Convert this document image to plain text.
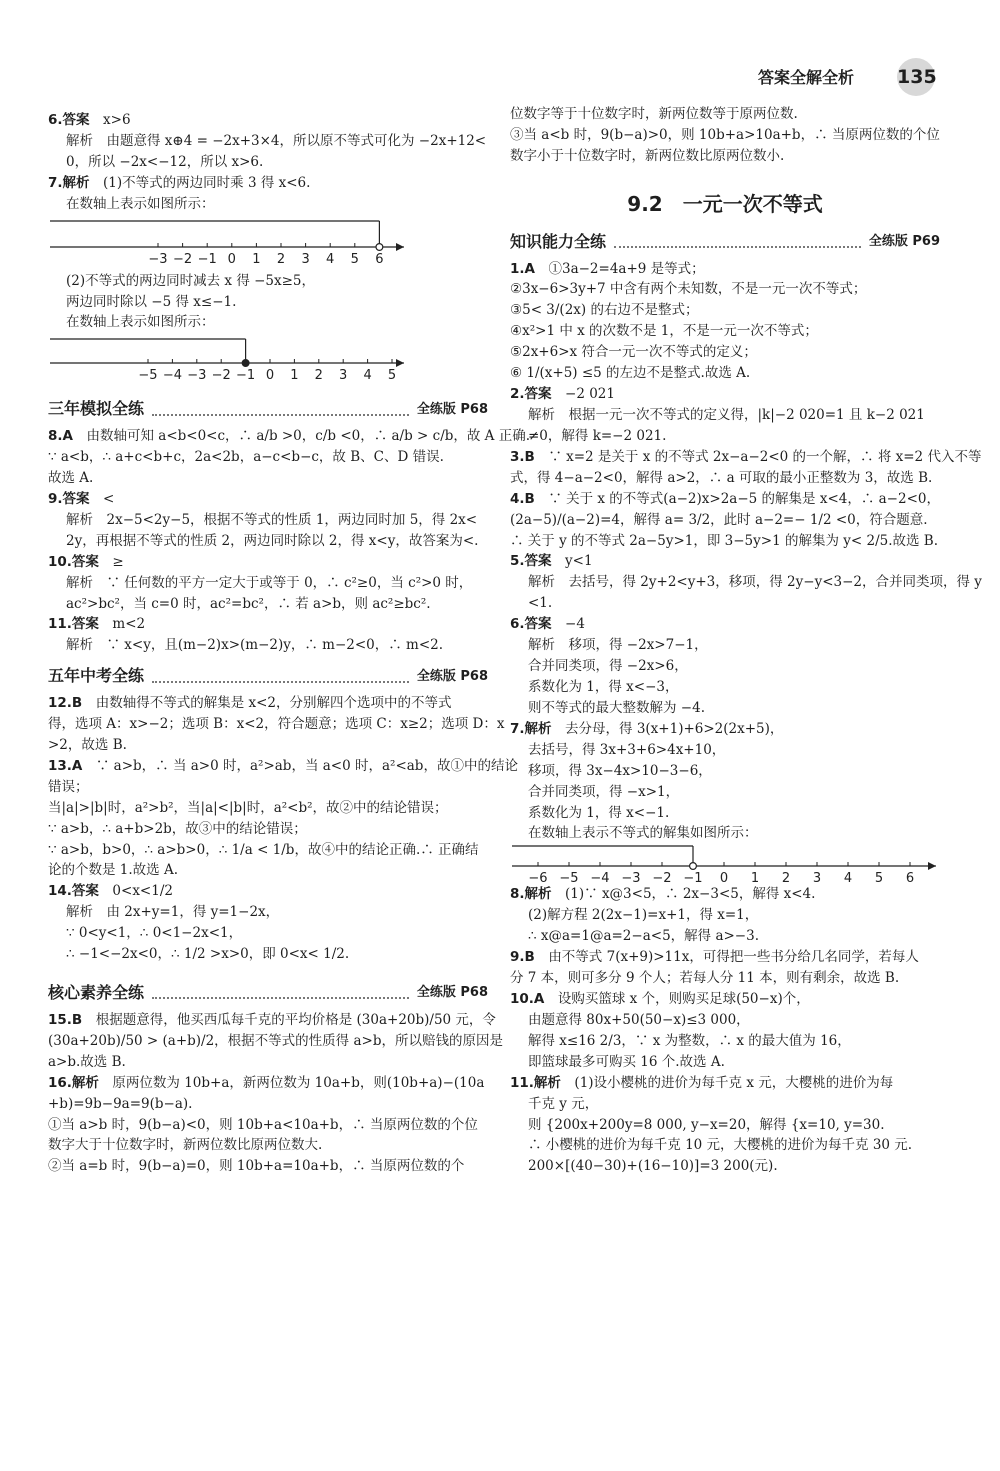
答案全解全析 135

6.答案　 x>6

解析　由题意得 x⊕4 = −2x+3×4，所以原不等式可化为 −2x+12<

0，所以 −2x<−12，所以 x>6.

7.解析　 (1)不等式的两边同时乘 3 得 x<6.

在数轴上表示如图所示：

−3 −2 −1 0 1 2 3 4 5 6

(2)不等式的两边同时减去 x 得 −5x≥5，

两边同时除以 −5 得 x≤−1.

在数轴上表示如图所示：

−5 −4 −3 −2 −1 0 1 2 3 4 5
三年模拟全练	全练版 P68

8.A　 由数轴可知 a<b<0<c，∴ a/b >0，c/b <0，∴ a/b > c/b，故 A 正确.

∵ a<b，∴ a+c<b+c，2a<2b，a−c<b−c，故 B、C、D 错误.

故选 A.

9.答案　 <

解析　2x−5<2y−5，根据不等式的性质 1，两边同时加 5，得 2x<

2y，再根据不等式的性质 2，两边同时除以 2，得 x<y，故答案为<.

10.答案　 ≥

解析　∵ 任何数的平方一定大于或等于 0，∴ c²≥0，当 c²>0 时，

ac²>bc²，当 c=0 时，ac²=bc²，∴ 若 a>b，则 ac²≥bc².

11.答案　 m<2

解析　∵ x<y，且(m−2)x>(m−2)y，∴ m−2<0，∴ m<2.

五年中考全练	全练版 P68

12.B　 由数轴得不等式的解集是 x<2，分别解四个选项中的不等式

得，选项 A：x>−2；选项 B：x<2，符合题意；选项 C：x≥2；选项 D：x

>2，故选 B.

13.A　 ∵ a>b，∴ 当 a>0 时，a²>ab，当 a<0 时，a²<ab，故①中的结论

错误；

当|a|>|b|时，a²>b²，当|a|<|b|时，a²<b²，故②中的结论错误；

∵ a>b，∴ a+b>2b，故③中的结论错误；

∵ a>b，b>0，∴ a>b>0，∴ 1/a < 1/b，故④中的结论正确.∴ 正确结

论的个数是 1.故选 A.

14.答案　 0<x<1/2

解析　由 2x+y=1，得 y=1−2x，

∵ 0<y<1，∴ 0<1−2x<1，

∴ −1<−2x<0，∴ 1/2 >x>0，即 0<x< 1/2.

核心素养全练	全练版 P68

15.B　 根据题意得，他买西瓜每千克的平均价格是 (30a+20b)/50 元，令

(30a+20b)/50 > (a+b)/2，根据不等式的性质得 a>b，所以赔钱的原因是

a>b.故选 B.

16.解析　 原两位数为 10b+a，新两位数为 10a+b，则(10b+a)−(10a

+b)=9b−9a=9(b−a).

①当 a>b 时，9(b−a)<0，则 10b+a<10a+b，∴ 当原两位数的个位

数字大于十位数字时，新两位数比原两位数大.

②当 a=b 时，9(b−a)=0，则 10b+a=10a+b，∴ 当原两位数的个

位数字等于十位数字时，新两位数等于原两位数.

③当 a<b 时，9(b−a)>0，则 10b+a>10a+b，∴ 当原两位数的个位

数字小于十位数字时，新两位数比原两位数小.

9.2　一元一次不等式
知识能力全练	全练版 P69

1.A　 ①3a−2=4a+9 是等式；

②3x−6>3y+7 中含有两个未知数，不是一元一次不等式；

③5< 3/(2x) 的右边不是整式；

④x²>1 中 x 的次数不是 1，不是一元一次不等式；

⑤2x+6>x 符合一元一次不等式的定义；

⑥ 1/(x+5) ≤5 的左边不是整式.故选 A.

2.答案　 −2 021

解析　根据一元一次不等式的定义得，|k|−2 020=1 且 k−2 021

≠0，解得 k=−2 021.

3.B　 ∵ x=2 是关于 x 的不等式 2x−a−2<0 的一个解，∴ 将 x=2 代入不等

式，得 4−a−2<0，解得 a>2，∴ a 可取的最小正整数为 3，故选 B.

4.B　 ∵ 关于 x 的不等式(a−2)x>2a−5 的解集是 x<4，∴ a−2<0，

(2a−5)/(a−2)=4，解得 a= 3/2，此时 a−2=− 1/2 <0，符合题意.

∴ 关于 y 的不等式 2a−5y>1，即 3−5y>1 的解集为 y< 2/5.故选 B.

5.答案　 y<1

解析　去括号，得 2y+2<y+3，移项，得 2y−y<3−2，合并同类项，得 y

<1.

6.答案　 −4

解析　移项，得 −2x>7−1，

合并同类项，得 −2x>6，

系数化为 1，得 x<−3，

则不等式的最大整数解为 −4.

7.解析　 去分母，得 3(x+1)+6>2(2x+5)，

去括号，得 3x+3+6>4x+10，

移项，得 3x−4x>10−3−6，

合并同类项，得 −x>1，

系数化为 1，得 x<−1.

在数轴上表示不等式的解集如图所示：

−6 −5 −4 −3 −2 −1 0 1 2 3 4 5 6

8.解析　 (1)∵ x@3<5，∴ 2x−3<5，解得 x<4.

(2)解方程 2(2x−1)=x+1，得 x=1，

∴ x@a=1@a=2−a<5，解得 a>−3.

9.B　 由不等式 7(x+9)>11x，可得把一些书分给几名同学，若每人

分 7 本，则可多分 9 个人；若每人分 11 本，则有剩余，故选 B.

10.A　 设购买篮球 x 个，则购买足球(50−x)个，

由题意得 80x+50(50−x)≤3 000，

解得 x≤16 2/3，∵ x 为整数，∴ x 的最大值为 16，

即篮球最多可购买 16 个.故选 A.

11.解析　 (1)设小樱桃的进价为每千克 x 元，大樱桃的进价为每

千克 y 元，

则 {200x+200y=8 000, y−x=20，解得 {x=10, y=30.

∴ 小樱桃的进价为每千克 10 元，大樱桃的进价为每千克 30 元.

200×[(40−30)+(16−10)]=3 200(元).
